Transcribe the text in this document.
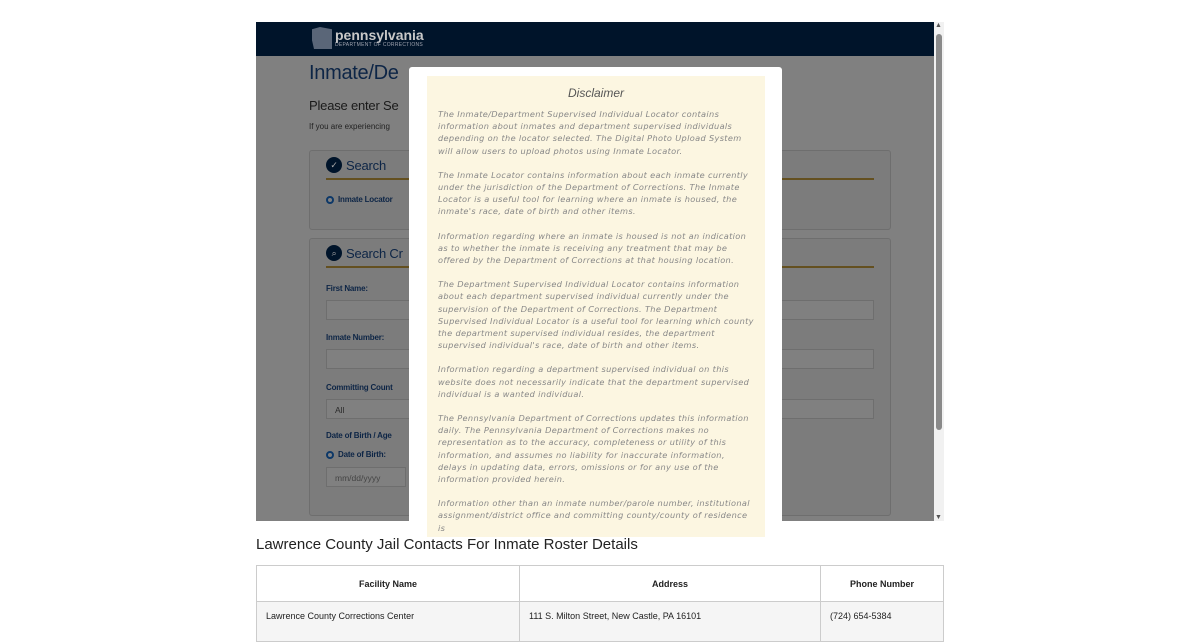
pennsylvania
DEPARTMENT OF CORRECTIONS
Inmate/De
Please enter Se
If you are experiencing
✓ Search
Inmate Locator
⌕ Search Cr
First Name:
Inmate Number:
Committing Count
All
Date of Birth / Age
Date of Birth:
mm/dd/yyyy
Disclaimer

The Inmate/Department Supervised Individual Locator contains information about inmates and department supervised individuals depending on the locator selected. The Digital Photo Upload System will allow users to upload photos using Inmate Locator.

The Inmate Locator contains information about each inmate currently under the jurisdiction of the Department of Corrections. The Inmate Locator is a useful tool for learning where an inmate is housed, the inmate's race, date of birth and other items.

Information regarding where an inmate is housed is not an indication as to whether the inmate is receiving any treatment that may be offered by the Department of Corrections at that housing location.

The Department Supervised Individual Locator contains information about each department supervised individual currently under the supervision of the Department of Corrections. The Department Supervised Individual Locator is a useful tool for learning which county the department supervised individual resides, the department supervised individual's race, date of birth and other items.

Information regarding a department supervised individual on this website does not necessarily indicate that the department supervised individual is a wanted individual.

The Pennsylvania Department of Corrections updates this information daily. The Pennsylvania Department of Corrections makes no representation as to the accuracy, completeness or utility of this information, and assumes no liability for inaccurate information, delays in updating data, errors, omissions or for any use of the information provided herein.

Information other than an inmate number/parole number, institutional assignment/district office and committing county/county of residence is

▲
▼
Lawrence County Jail Contacts For Inmate Roster Details
Facility Name	Address	Phone Number
Lawrence County Corrections Center	111 S. Milton Street, New Castle, PA 16101	(724) 654-5384
